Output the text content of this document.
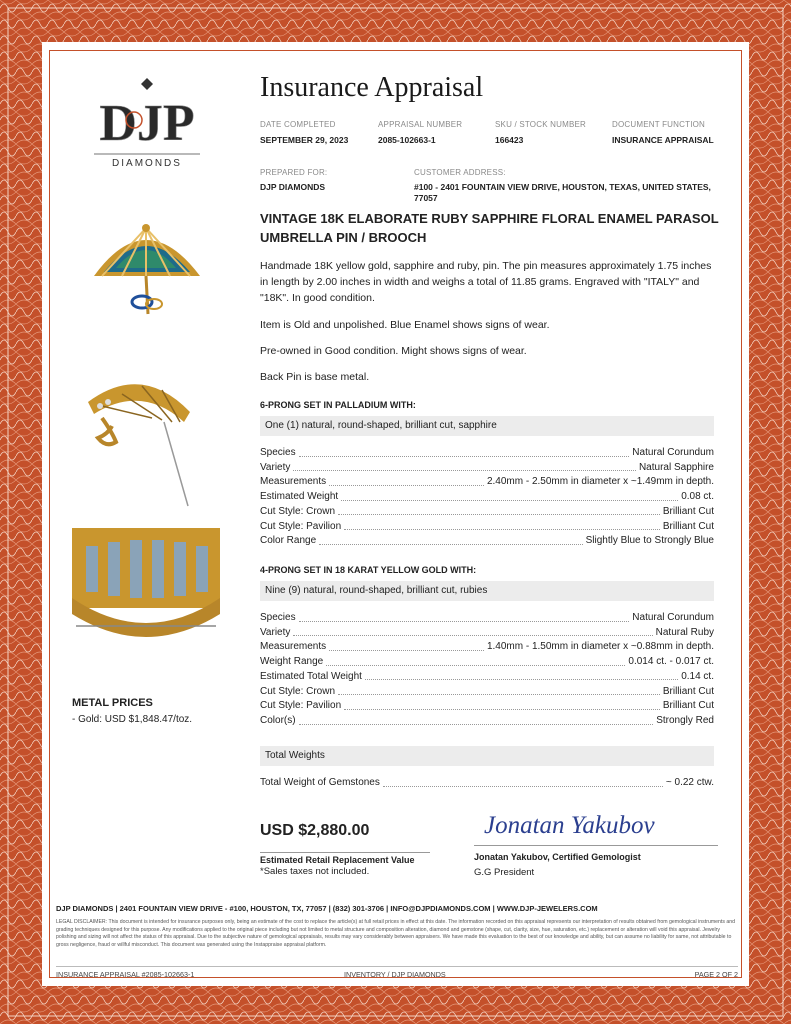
DJP
DIAMONDS
METAL PRICES
- Gold: USD $1,848.47/toz.
Insurance Appraisal
DATE COMPLETED
SEPTEMBER 29, 2023
APPRAISAL NUMBER
2085-102663-1
SKU / STOCK NUMBER
166423
DOCUMENT FUNCTION
INSURANCE APPRAISAL
PREPARED FOR:
DJP DIAMONDS
CUSTOMER ADDRESS:
#100 - 2401 FOUNTAIN VIEW DRIVE, HOUSTON, TEXAS, UNITED STATES, 77057
VINTAGE 18K ELABORATE RUBY SAPPHIRE FLORAL ENAMEL PARASOL UMBRELLA PIN / BROOCH
Handmade 18K yellow gold, sapphire and ruby, pin. The pin measures approximately 1.75 inches in length by 2.00 inches in width and weighs a total of 11.85 grams. Engraved with "ITALY" and "18K". In good condition.
Item is Old and unpolished. Blue Enamel shows signs of wear.
Pre-owned in Good condition. Might shows signs of wear.
Back Pin is base metal.
6-PRONG SET IN PALLADIUM WITH:
One (1) natural, round-shaped, brilliant cut, sapphire
Species	Natural Corundum
Variety	Natural Sapphire
Measurements	2.40mm - 2.50mm in diameter x ~1.49mm in depth.
Estimated Weight	0.08 ct.
Cut Style: Crown	Brilliant Cut
Cut Style: Pavilion	Brilliant Cut
Color Range	Slightly Blue to Strongly Blue
4-PRONG SET IN 18 KARAT YELLOW GOLD WITH:
Nine (9) natural, round-shaped, brilliant cut, rubies
Species	Natural Corundum
Variety	Natural Ruby
Measurements	1.40mm - 1.50mm in diameter x ~0.88mm in depth.
Weight Range	0.014 ct. - 0.017 ct.
Estimated Total Weight	0.14 ct.
Cut Style: Crown	Brilliant Cut
Cut Style: Pavilion	Brilliant Cut
Color(s)	Strongly Red
Total Weights
Total Weight of Gemstones	~ 0.22 ctw.
USD $2,880.00
Estimated Retail Replacement Value
*Sales taxes not included.
Jonatan Yakubov
Jonatan Yakubov, Certified Gemologist
G.G President
DJP DIAMONDS | 2401 FOUNTAIN VIEW DRIVE - #100, HOUSTON, TX, 77057 | (832) 301-3706 | INFO@DJPDIAMONDS.COM | WWW.DJP-JEWELERS.COM
LEGAL DISCLAIMER: This document is intended for insurance purposes only, being an estimate of the cost to replace the article(s) at full retail prices in effect at this date. The information recorded on this appraisal represents our interpretation of results obtained from gemological instruments and grading techniques designed for this purpose. Any modifications applied to the original piece including but not limited to metal structure and composition alteration, diamond and gemstone (shape, cut, clarity, size, hue, saturation, etc.) replacement or alteration will void this appraisal. Jewelry polishing and sizing will not affect the status of this appraisal. Due to the subjective nature of gemological appraisals, results may vary considerably between appraisers. We have made this evaluation to the best of our knowledge and ability, but can assume no liability for same, not attributable to gross negligence, fraud or willful misconduct. This document was generated using the Instappraise appraisal platform.
INSURANCE APPRAISAL #2085-102663-1	INVENTORY / DJP DIAMONDS	PAGE 2 OF 2
